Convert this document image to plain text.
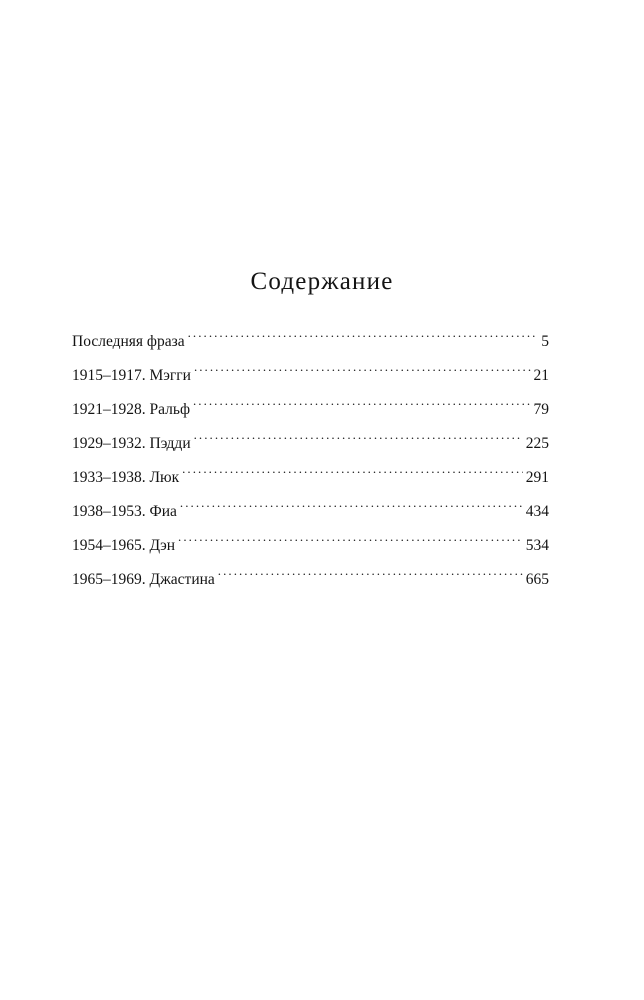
Содержание
Последняя фраза . . .	5
1915–1917. Мэгги . . .	21
1921–1928. Ральф . . .	79
1929–1932. Пэдди . . .	225
1933–1938. Люк . . .	291
1938–1953. Фиа . . .	434
1954–1965. Дэн . . .	534
1965–1969. Джастина . . .	665
